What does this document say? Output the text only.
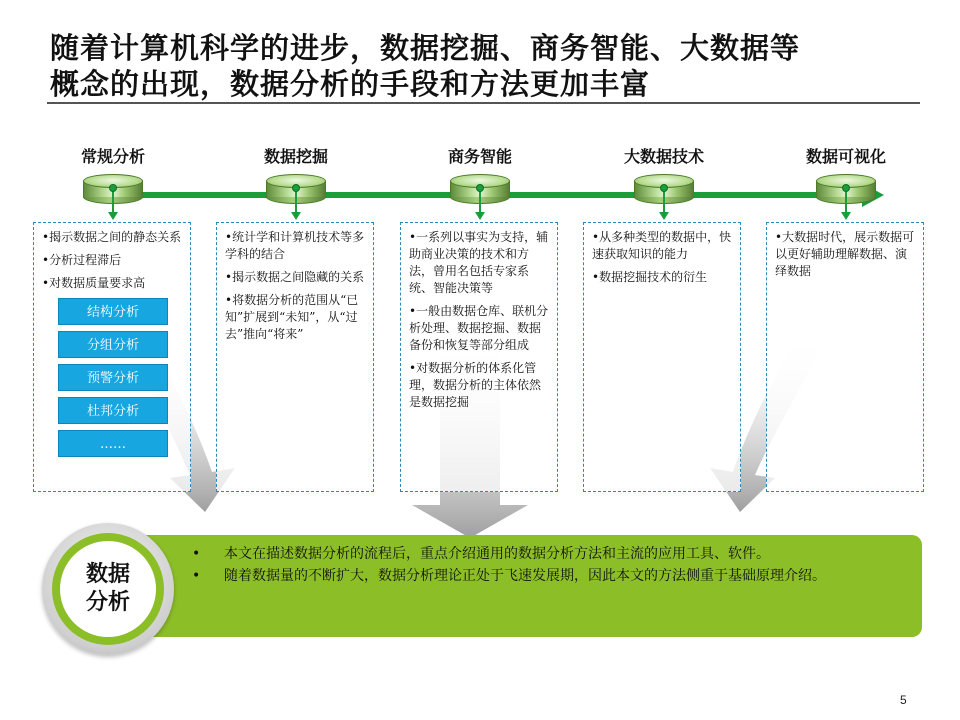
随着计算机科学的进步，数据挖掘、商务智能、大数据等
概念的出现，数据分析的手段和方法更加丰富
常规分析	数据挖掘	商务智能	大数据技术	数据可视化
•揭示数据之间的静态关系
•分析过程滞后
•对数据质量要求高
结构分析
分组分析
预警分析
杜邦分析
……
•统计学和计算机技术等多学科的结合
•揭示数据之间隐藏的关系
•将数据分析的范围从“已知”扩展到“未知”，从“过去”推向“将来”
•一系列以事实为支持，辅助商业决策的技术和方法，曾用名包括专家系统、智能决策等
•一般由数据仓库、联机分析处理、数据挖掘、数据备份和恢复等部分组成
•对数据分析的体系化管理，数据分析的主体依然是数据挖掘
•从多种类型的数据中，快速获取知识的能力
•数据挖掘技术的衍生
•大数据时代，展示数据可以更好辅助理解数据、演绎数据
• 本文在描述数据分析的流程后，重点介绍通用的数据分析方法和主流的应用工具、软件。
• 随着数据量的不断扩大，数据分析理论正处于飞速发展期，因此本文的方法侧重于基础原理介绍。
数据分析
5
